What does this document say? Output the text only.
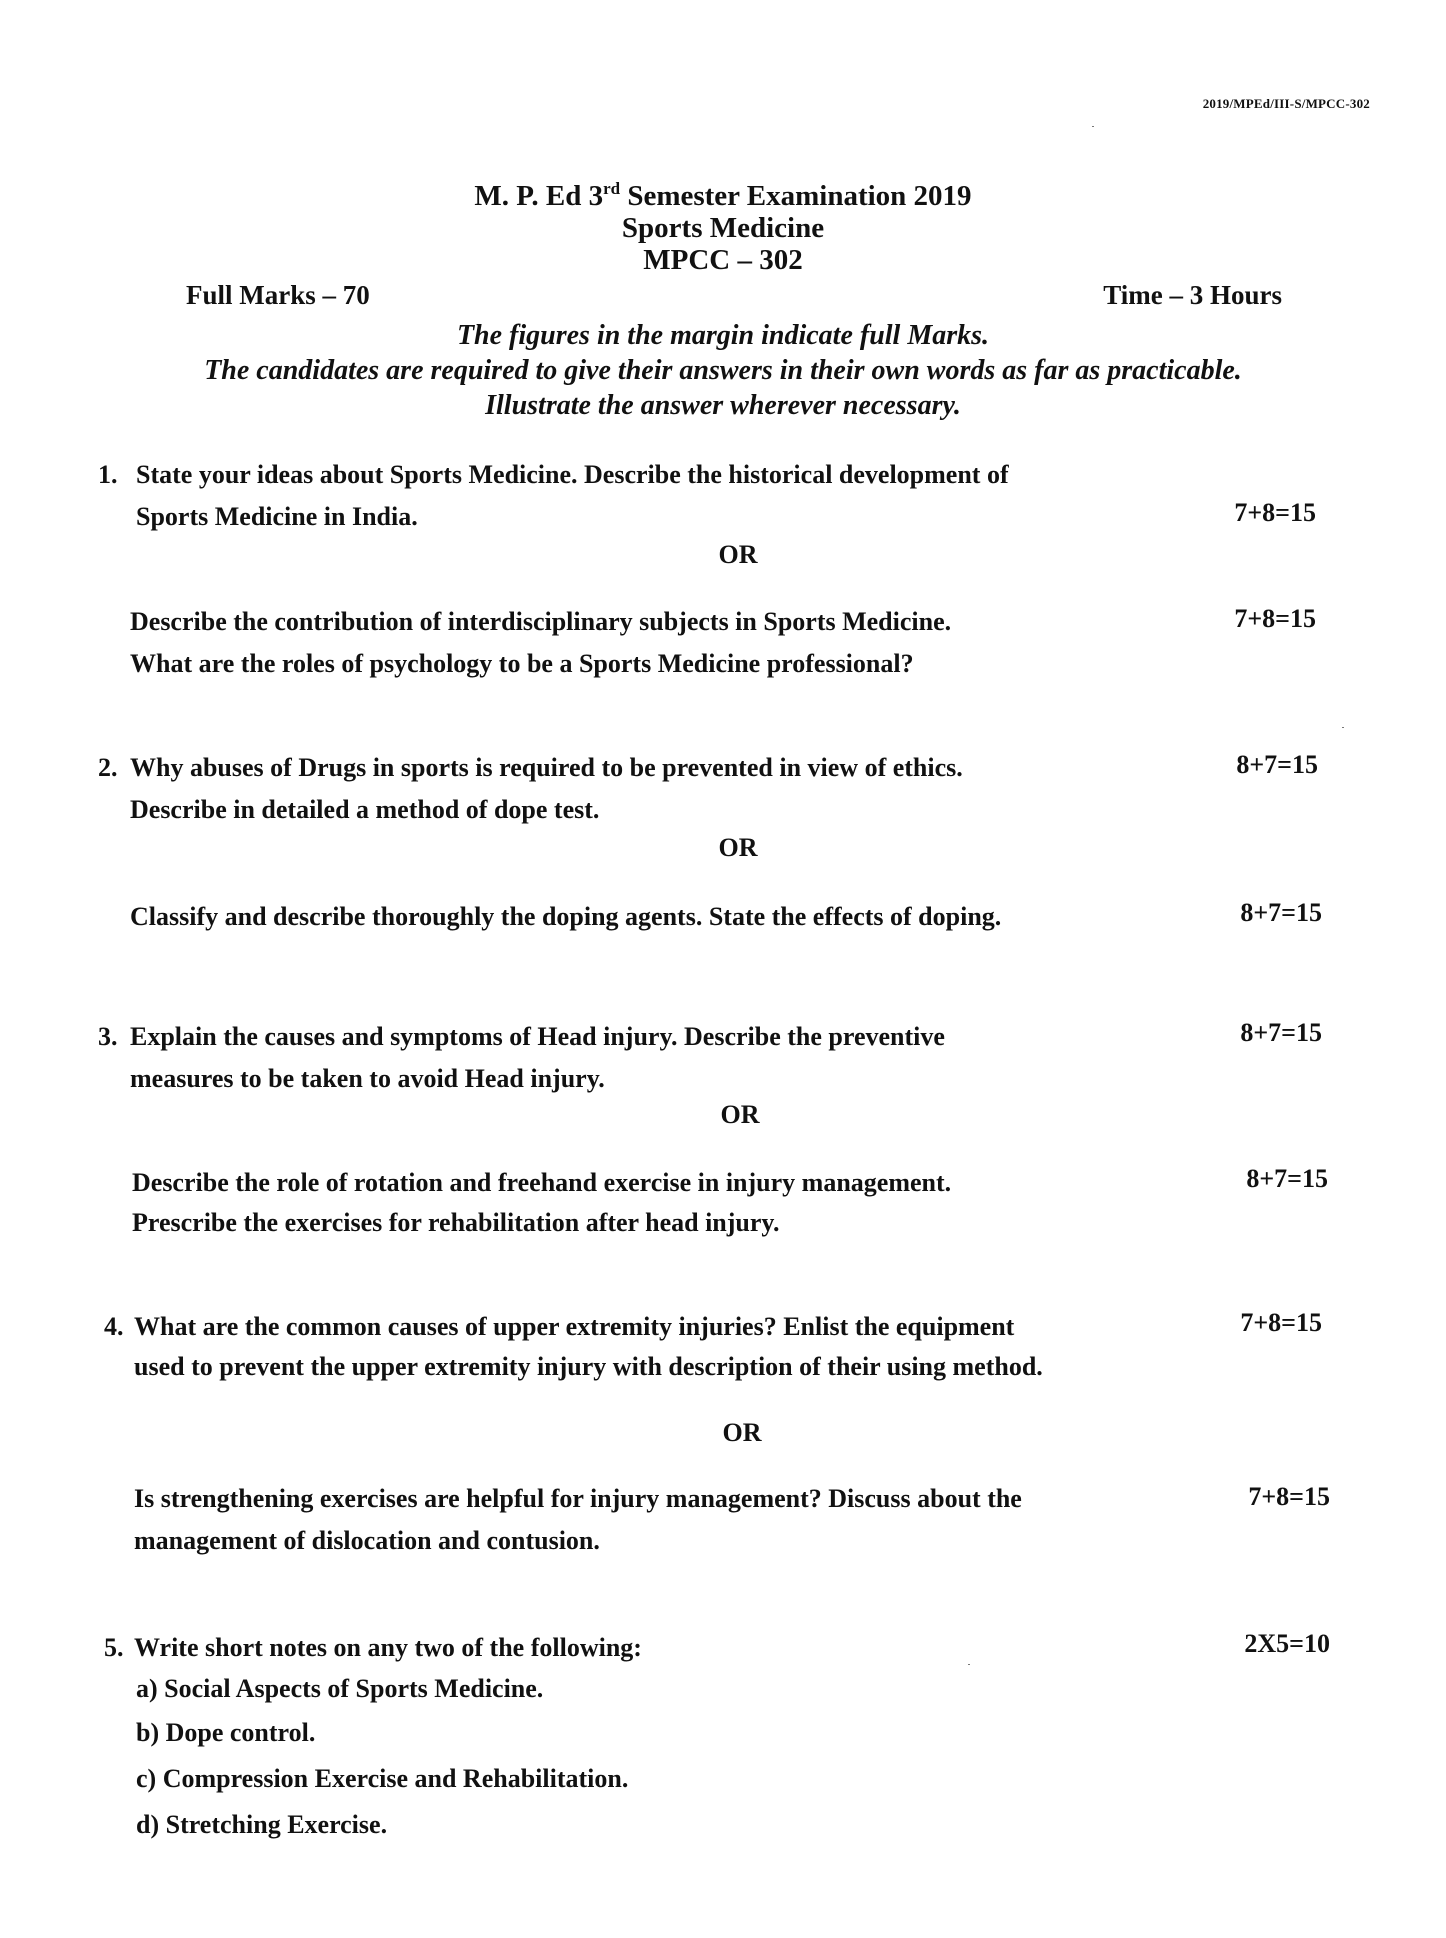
2019/MPEd/III-S/MPCC-302
M. P. Ed 3rd Semester Examination 2019
Sports Medicine
MPCC – 302
Full Marks – 70	Time – 3 Hours
The figures in the margin indicate full Marks.
The candidates are required to give their answers in their own words as far as practicable.
Illustrate the answer wherever necessary.
1. State your ideas about Sports Medicine. Describe the historical development of
Sports Medicine in India.	7+8=15
OR
Describe the contribution of interdisciplinary subjects in Sports Medicine.
What are the roles of psychology to be a Sports Medicine professional?
7+8=15
2. Why abuses of Drugs in sports is required to be prevented in view of ethics.
Describe in detailed a method of dope test.
8+7=15
OR
Classify and describe thoroughly the doping agents. State the effects of doping.	8+7=15
3. Explain the causes and symptoms of Head injury. Describe the preventive
measures to be taken to avoid Head injury.
8+7=15
OR
Describe the role of rotation and freehand exercise in injury management.
Prescribe the exercises for rehabilitation after head injury.
8+7=15
4. What are the common causes of upper extremity injuries? Enlist the equipment
used to prevent the upper extremity injury with description of their using method.
7+8=15
OR
Is strengthening exercises are helpful for injury management? Discuss about the
management of dislocation and contusion.
7+8=15
5. Write short notes on any two of the following:	2X5=10
a) Social Aspects of Sports Medicine.
b) Dope control.
c) Compression Exercise and Rehabilitation.
d) Stretching Exercise.
